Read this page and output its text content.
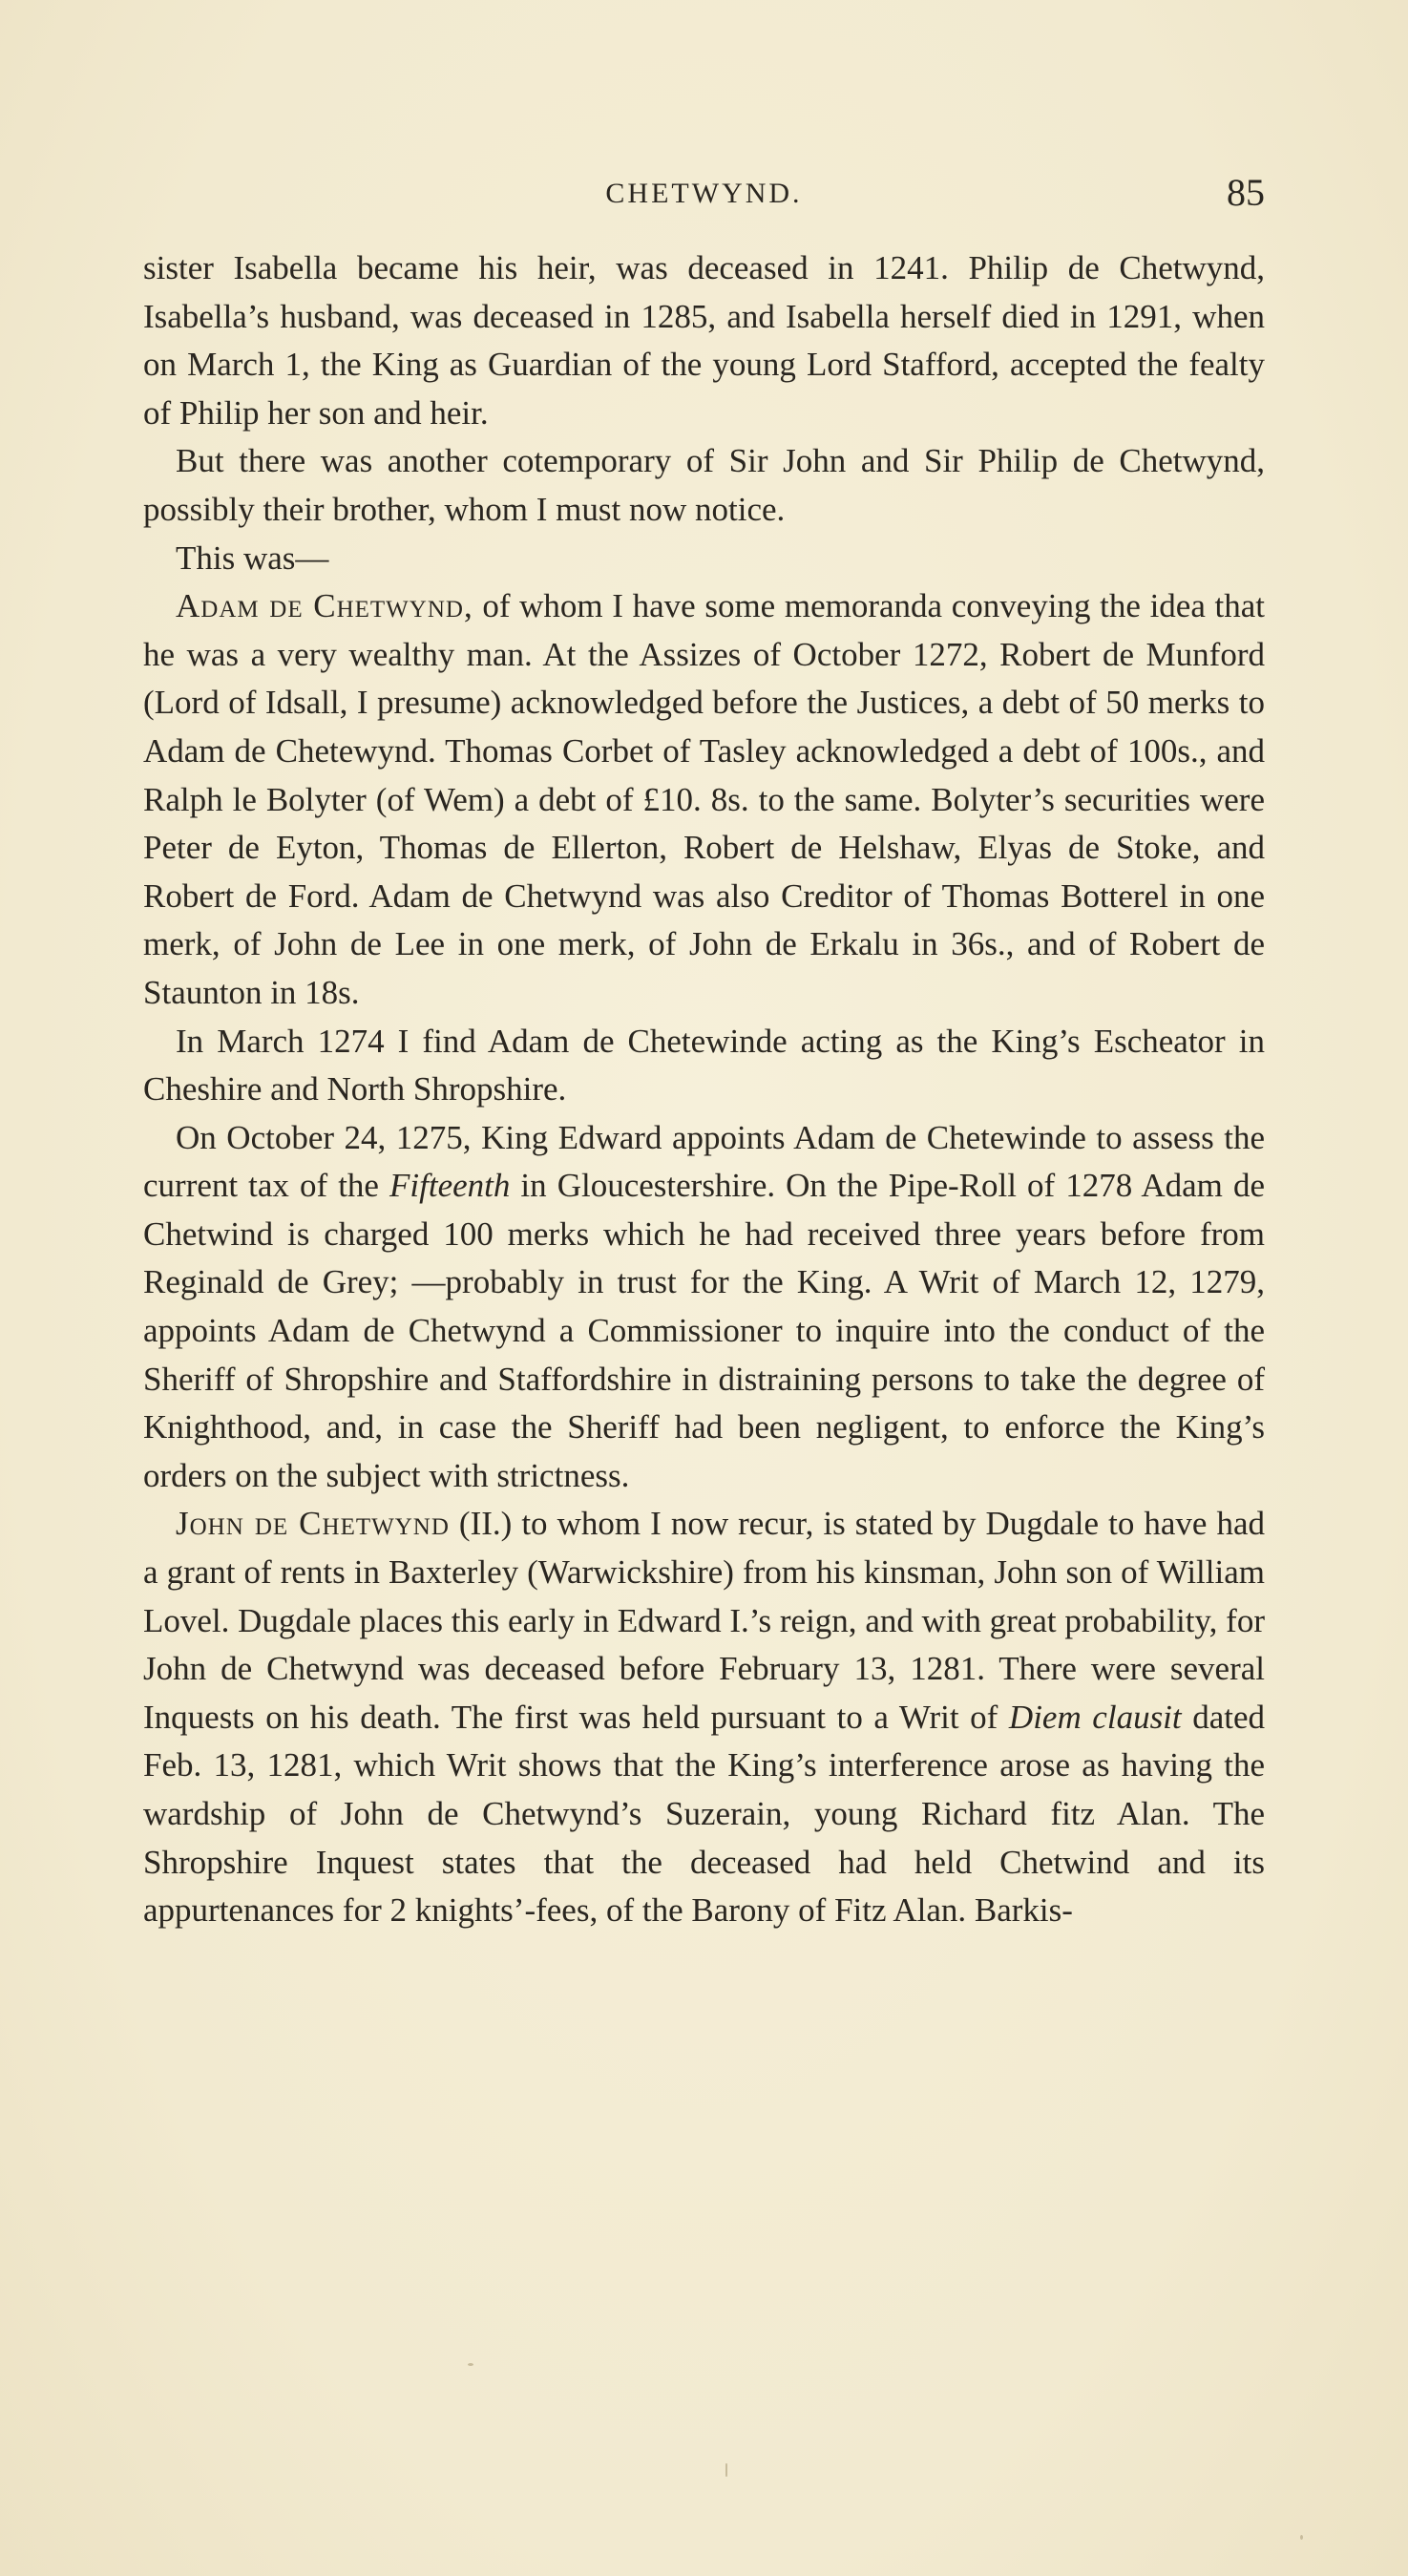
CHETWYND.	85

sister Isabella became his heir, was deceased in 1241. Philip de Chetwynd, Isabella’s husband, was deceased in 1285, and Isabella herself died in 1291, when on March 1, the King as Guardian of the young Lord Stafford, accepted the fealty of Philip her son and heir.

But there was another cotemporary of Sir John and Sir Philip de Chetwynd, possibly their brother, whom I must now notice.

This was—

Adam de Chetwynd, of whom I have some memoranda conveying the idea that he was a very wealthy man. At the Assizes of October 1272, Robert de Munford (Lord of Idsall, I presume) acknowledged before the Justices, a debt of 50 merks to Adam de Chetewynd. Thomas Corbet of Tasley acknowledged a debt of 100s., and Ralph le Bolyter (of Wem) a debt of £10. 8s. to the same. Bolyter’s securities were Peter de Eyton, Thomas de Ellerton, Robert de Helshaw, Elyas de Stoke, and Robert de Ford. Adam de Chetwynd was also Creditor of Thomas Botterel in one merk, of John de Lee in one merk, of John de Erkalu in 36s., and of Robert de Staunton in 18s.

In March 1274 I find Adam de Chetewinde acting as the King’s Escheator in Cheshire and North Shropshire.

On October 24, 1275, King Edward appoints Adam de Chetewinde to assess the current tax of the Fifteenth in Gloucestershire. On the Pipe-Roll of 1278 Adam de Chetwind is charged 100 merks which he had received three years before from Reginald de Grey; —probably in trust for the King. A Writ of March 12, 1279, appoints Adam de Chetwynd a Commissioner to inquire into the conduct of the Sheriff of Shropshire and Staffordshire in distraining persons to take the degree of Knighthood, and, in case the Sheriff had been negligent, to enforce the King’s orders on the subject with strictness.

John de Chetwynd (II.) to whom I now recur, is stated by Dugdale to have had a grant of rents in Baxterley (Warwickshire) from his kinsman, John son of William Lovel. Dugdale places this early in Edward I.’s reign, and with great probability, for John de Chetwynd was deceased before February 13, 1281. There were several Inquests on his death. The first was held pursuant to a Writ of Diem clausit dated Feb. 13, 1281, which Writ shows that the King’s interference arose as having the wardship of John de Chetwynd’s Suzerain, young Richard fitz Alan. The Shropshire Inquest states that the deceased had held Chetwind and its appurtenances for 2 knights’-fees, of the Barony of Fitz Alan. Barkis-
